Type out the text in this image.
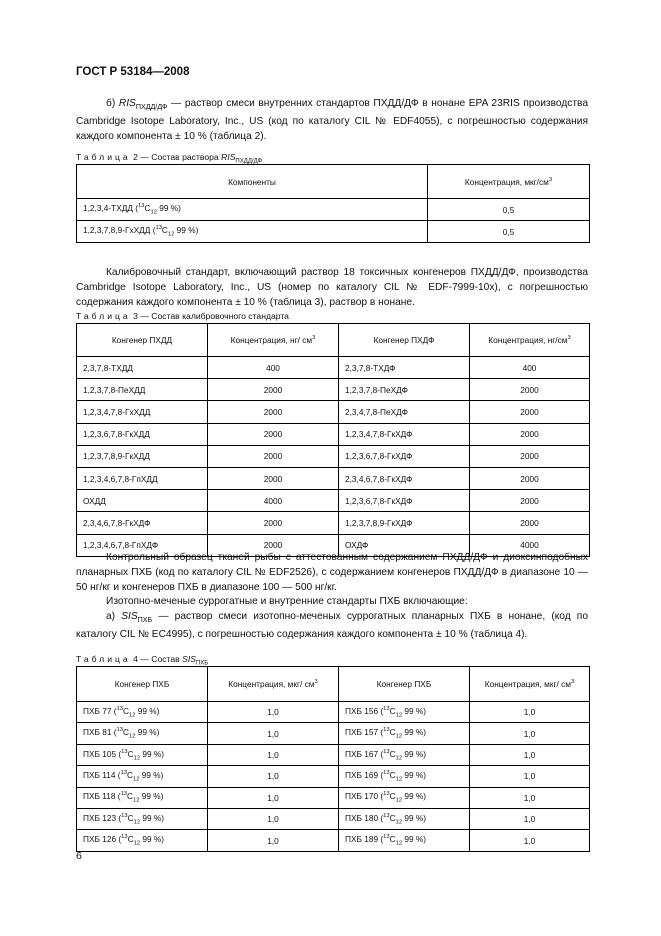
ГОСТ Р 53184—2008
б) $RIS_{ПХДД/ДФ}$ — раствор смеси внутренних стандартов ПХДД/ДФ в нонане EPA 23RIS производства Cambridge Isotope Laboratory, Inc., US (код по каталогу CIL № EDF4055), с погрешностью содержания каждого компонента ± 10 % (таблица 2).
Таблица 2 — Состав раствора $RIS_{ПХДД/ДФ}$
Компоненты	Концентрация, мкг/$см^3$
1,2,3,4-ТХДД ($^{13}C_{12}$ 99 %)	0,5
1,2,3,7,8,9-ГхХДД ($^{13}C_{12}$ 99 %)	0,5
Калибровочный стандарт, включающий раствор 18 токсичных конгенеров ПХДД/ДФ, производства Cambridge Isotope Laboratory, Inc., US (номер по каталогу CIL № EDF-7999-10x), с погрешностью содержания каждого компонента ± 10 % (таблица 3), раствор в нонане.
Таблица 3 — Состав калибровочного стандарта
Конгенер ПХДД	Концентрация, нг/ $см^3$	Конгенер ПХДФ	Концентрация, $нг/см^3$
2,3,7,8-ТХДД	400	2,3,7,8-ТХДФ	400
1,2,3,7,8-ПеХДД	2000	1,2,3,7,8-ПеХДФ	2000
1,2,3,4,7,8-ГхХДД	2000	2,3,4,7,8-ПеХДФ	2000
1,2,3,6,7,8-ГкХДД	2000	1,2,3,4,7,8-ГкХДФ	2000
1,2,3,7,8,9-ГкХДД	2000	1,2,3,6,7,8-ГкХДФ	2000
1,2,3,4,6,7,8-ГпХДД	2000	2,3,4,6,7,8-ГкХДФ	2000
ОХДД	4000	1,2,3,6,7,8-ГкХДФ	2000
2,3,4,6,7,8-ГкХДФ	2000	1,2,3,7,8,9-ГкХДФ	2000
1,2,3,4,6,7,8-ГпХДФ	2000	ОХДФ	4000
Контрольный образец тканей рыбы с аттестованным содержанием ПХДД/ДФ и диоксинподобных планарных ПХБ (код по каталогу CIL № EDF2526), с содержанием конгенеров ПХДД/ДФ в диапазоне 10 — 50 нг/кг и конгенеров ПХБ в диапазоне 100 — 500 нг/кг.
Изотопно-меченые суррогатные и внутренние стандарты ПХБ включающие:
а) $SIS_{ПХБ}$ — раствор смеси изотопно-меченых суррогатных планарных ПХБ в нонане, (код по каталогу CIL № EC4995), с погрешностью содержания каждого компонента ± 10 % (таблица 4).
Таблица 4 — Состав $SIS_{ПХБ}$
Конгенер ПХБ	Концентрация, мкг/ $см^3$	Конгенер ПХБ	Концентрация, мкг/ $см^3$
ПХБ 77 ($^{13}C_{12}$ 99 %)	1,0	ПХБ 156 ($^{13}C_{12}$ 99 %)	1,0
ПХБ 81 ($^{13}C_{12}$ 99 %)	1,0	ПХБ 157 ($^{13}C_{12}$ 99 %)	1,0
ПХБ 105 ($^{13}C_{12}$ 99 %)	1,0	ПХБ 167 ($^{13}C_{12}$ 99 %)	1,0
ПХБ 114 ($^{13}C_{12}$ 99 %)	1,0	ПХБ 169 ($^{13}C_{12}$ 99 %)	1,0
ПХБ 118 ($^{13}C_{12}$ 99 %)	1,0	ПХБ 170 ($^{13}C_{12}$ 99 %)	1,0
ПХБ 123 ($^{13}C_{12}$ 99 %)	1,0	ПХБ 180 ($^{13}C_{12}$ 99 %)	1,0
ПХБ 126 ($^{13}C_{12}$ 99 %)	1,0	ПХБ 189 ($^{13}C_{12}$ 99 %)	1,0
6
